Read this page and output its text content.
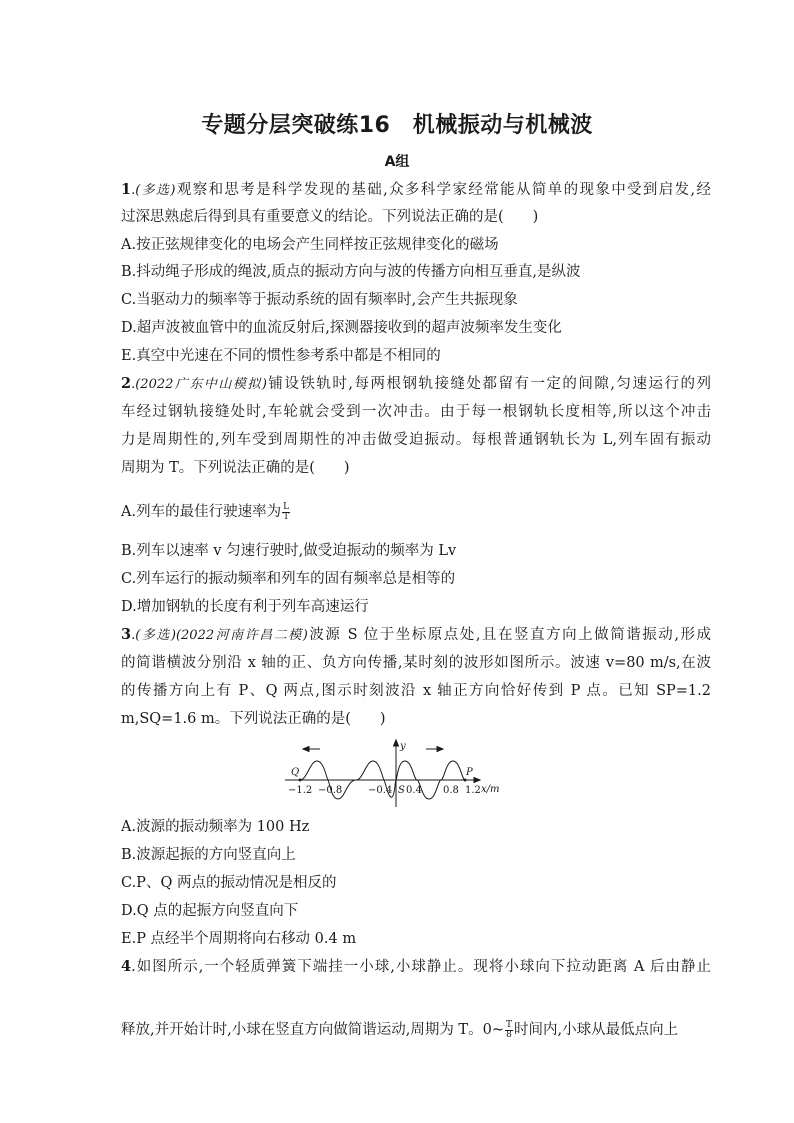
专题分层突破练16　机械振动与机械波
A组
1.(多选)观察和思考是科学发现的基础,众多科学家经常能从简单的现象中受到启发,经
过深思熟虑后得到具有重要意义的结论。下列说法正确的是(　　)
A.按正弦规律变化的电场会产生同样按正弦规律变化的磁场
B.抖动绳子形成的绳波,质点的振动方向与波的传播方向相互垂直,是纵波
C.当驱动力的频率等于振动系统的固有频率时,会产生共振现象
D.超声波被血管中的血流反射后,探测器接收到的超声波频率发生变化
E.真空中光速在不同的惯性参考系中都是不相同的
2.(2022广东中山模拟)铺设铁轨时,每两根钢轨接缝处都留有一定的间隙,匀速运行的列
车经过钢轨接缝处时,车轮就会受到一次冲击。由于每一根钢轨长度相等,所以这个冲击
力是周期性的,列车受到周期性的冲击做受迫振动。每根普通钢轨长为 L,列车固有振动
周期为 T。下列说法正确的是(　　)
A.列车的最佳行驶速率为 $\frac{L}{T}$
B.列车以速率 v 匀速行驶时,做受迫振动的频率为 Lv
C.列车运行的振动频率和列车的固有频率总是相等的
D.增加钢轨的长度有利于列车高速运行
3.(多选)(2022河南许昌二模)波源 S 位于坐标原点处,且在竖直方向上做简谐振动,形成
的简谐横波分别沿 x 轴的正、负方向传播,某时刻的波形如图所示。波速 v=80 m/s,在波
的传播方向上有 P、Q 两点,图示时刻波沿 x 轴正方向恰好传到 P 点。已知 SP=1.2
m,SQ=1.6 m。下列说法正确的是(　　)
y
x/m
Q	P
−1.2 −0.8	−0.4 S 0.4 0.8 1.2
A.波源的振动频率为 100 Hz
B.波源起振的方向竖直向上
C.P、Q 两点的振动情况是相反的
D.Q 点的起振方向竖直向下
E.P 点经半个周期将向右移动 0.4 m
4.如图所示,一个轻质弹簧下端挂一小球,小球静止。现将小球向下拉动距离 A 后由静止
释放,并开始计时,小球在竖直方向做简谐运动,周期为 T。0~ $\frac{T}{8}$ 时间内,小球从最低点向上
